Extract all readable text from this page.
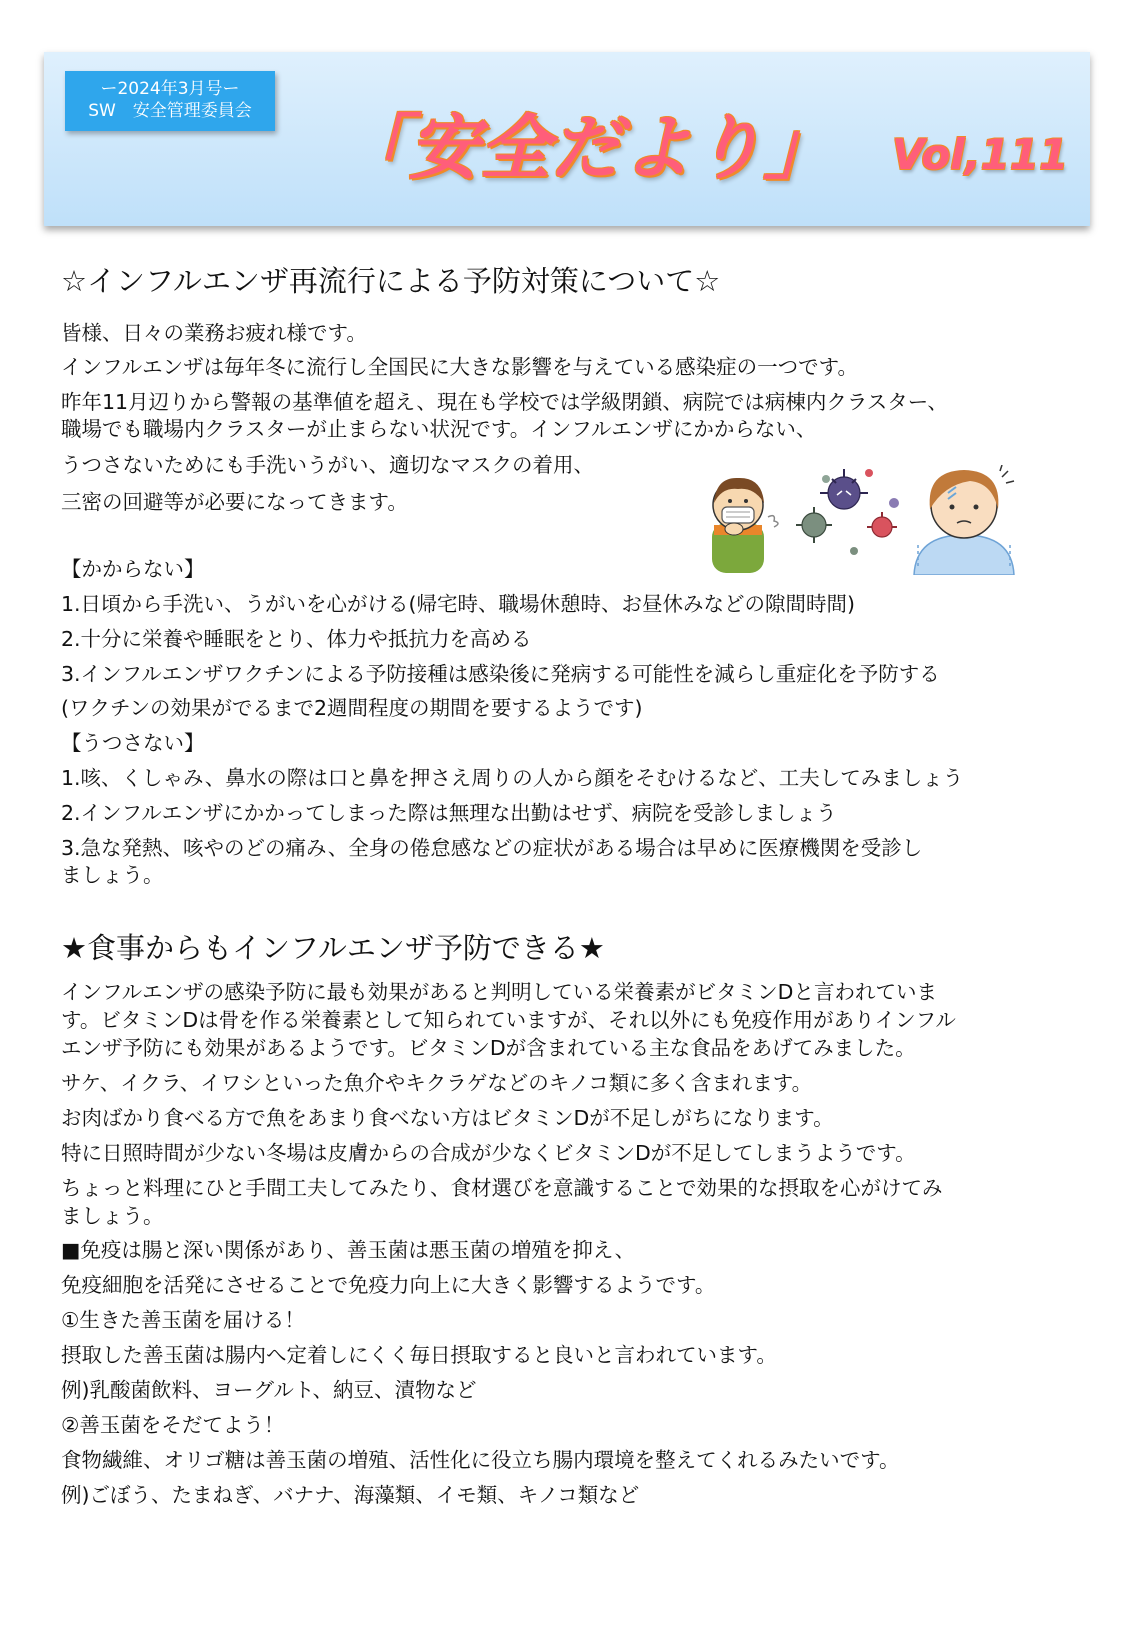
ー2024年3月号ー
SW　安全管理委員会	「安全だより」 Vol,111
☆インフルエンザ再流行による予防対策について☆
皆様、日々の業務お疲れ様です。
インフルエンザは毎年冬に流行し全国民に大きな影響を与えている感染症の一つです。
昨年11月辺りから警報の基準値を超え、現在も学校では学級閉鎖、病院では病棟内クラスター、
職場でも職場内クラスターが止まらない状況です。インフルエンザにかからない、
うつさないためにも手洗いうがい、適切なマスクの着用、
三密の回避等が必要になってきます。
【かからない】
1.日頃から手洗い、うがいを心がける(帰宅時、職場休憩時、お昼休みなどの隙間時間)
2.十分に栄養や睡眠をとり、体力や抵抗力を高める
3.インフルエンザワクチンによる予防接種は感染後に発病する可能性を減らし重症化を予防する
(ワクチンの効果がでるまで2週間程度の期間を要するようです)
【うつさない】
1.咳、くしゃみ、鼻水の際は口と鼻を押さえ周りの人から顔をそむけるなど、工夫してみましょう
2.インフルエンザにかかってしまった際は無理な出勤はせず、病院を受診しましょう
3.急な発熱、咳やのどの痛み、全身の倦怠感などの症状がある場合は早めに医療機関を受診し
ましょう。
★食事からもインフルエンザ予防できる★
インフルエンザの感染予防に最も効果があると判明している栄養素がビタミンDと言われていま
す。ビタミンDは骨を作る栄養素として知られていますが、それ以外にも免疫作用がありインフル
エンザ予防にも効果があるようです。ビタミンDが含まれている主な食品をあげてみました。
サケ、イクラ、イワシといった魚介やキクラゲなどのキノコ類に多く含まれます。
お肉ばかり食べる方で魚をあまり食べない方はビタミンDが不足しがちになります。
特に日照時間が少ない冬場は皮膚からの合成が少なくビタミンDが不足してしまうようです。
ちょっと料理にひと手間工夫してみたり、食材選びを意識することで効果的な摂取を心がけてみ
ましょう。
■免疫は腸と深い関係があり、善玉菌は悪玉菌の増殖を抑え、
免疫細胞を活発にさせることで免疫力向上に大きく影響するようです。
①生きた善玉菌を届ける！
摂取した善玉菌は腸内へ定着しにくく毎日摂取すると良いと言われています。
例)乳酸菌飲料、ヨーグルト、納豆、漬物など
②善玉菌をそだてよう！
食物繊維、オリゴ糖は善玉菌の増殖、活性化に役立ち腸内環境を整えてくれるみたいです。
例)ごぼう、たまねぎ、バナナ、海藻類、イモ類、キノコ類など
